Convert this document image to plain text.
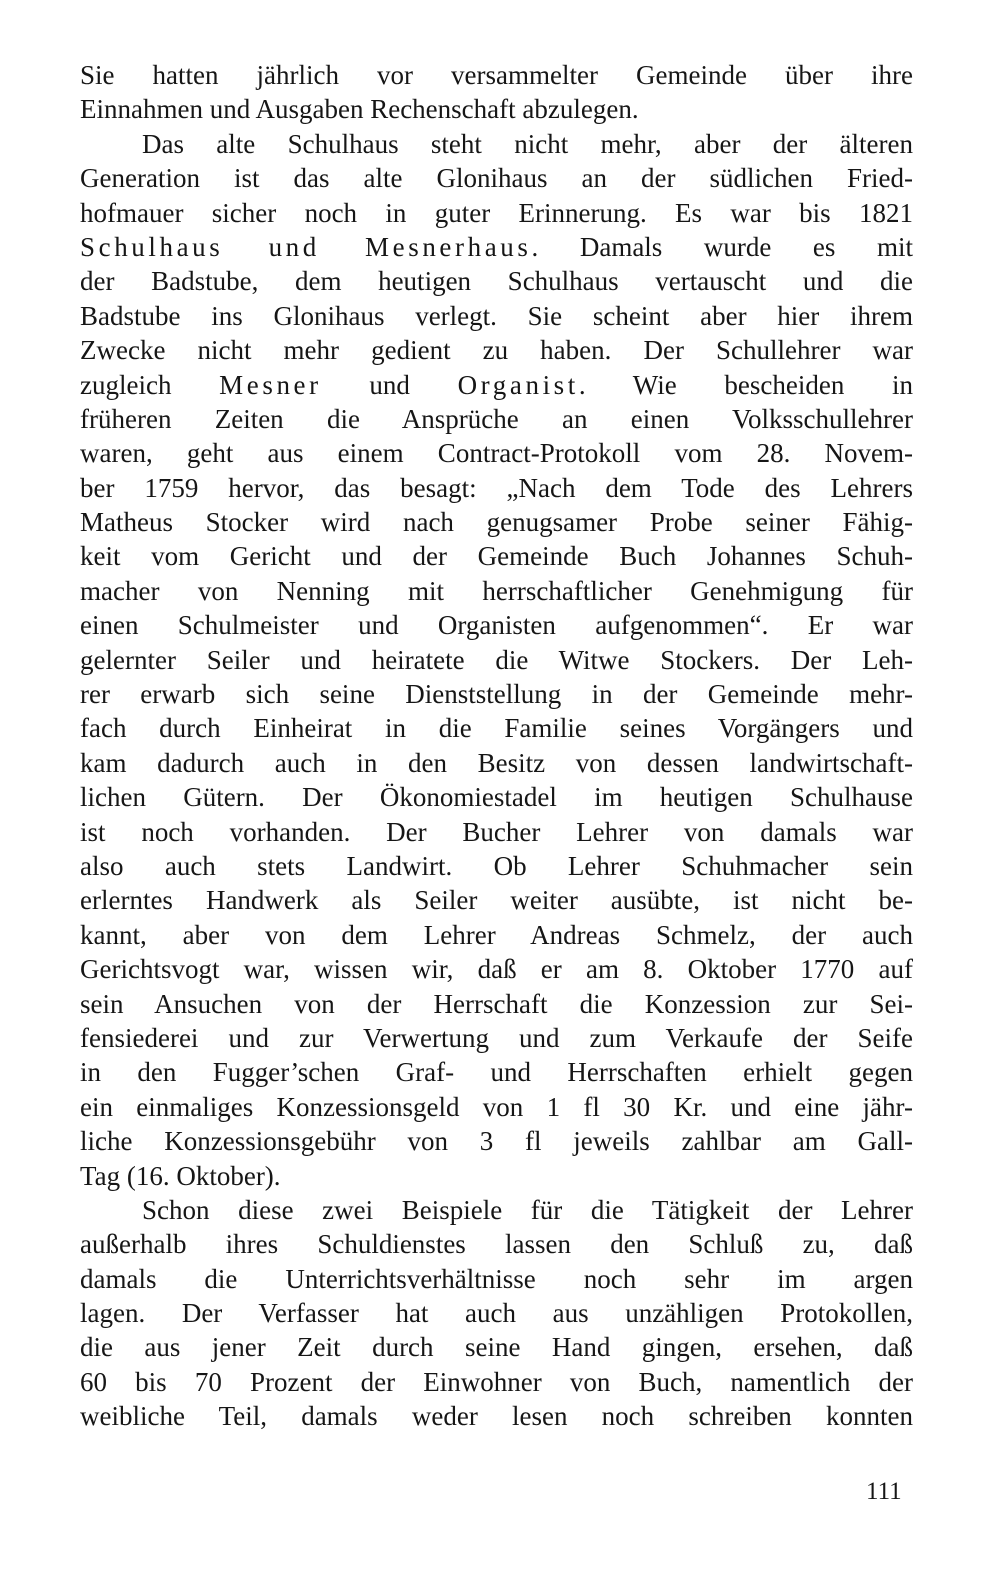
Sie hatten jährlich vor versammelter Gemeinde über ihre
Einnahmen und Ausgaben Rechenschaft abzulegen.
Das alte Schulhaus steht nicht mehr, aber der älteren
Generation ist das alte Glonihaus an der südlichen Fried-
hofmauer sicher noch in guter Erinnerung. Es war bis 1821
Schulhaus und Mesnerhaus. Damals wurde es mit
der Badstube, dem heutigen Schulhaus vertauscht und die
Badstube ins Glonihaus verlegt. Sie scheint aber hier ihrem
Zwecke nicht mehr gedient zu haben. Der Schullehrer war
zugleich Mesner und Organist. Wie bescheiden in
früheren Zeiten die Ansprüche an einen Volksschullehrer
waren, geht aus einem Contract-Protokoll vom 28. Novem-
ber 1759 hervor, das besagt: „Nach dem Tode des Lehrers
Matheus Stocker wird nach genugsamer Probe seiner Fähig-
keit vom Gericht und der Gemeinde Buch Johannes Schuh-
macher von Nenning mit herrschaftlicher Genehmigung für
einen Schulmeister und Organisten aufgenommen“. Er war
gelernter Seiler und heiratete die Witwe Stockers. Der Leh-
rer erwarb sich seine Dienststellung in der Gemeinde mehr-
fach durch Einheirat in die Familie seines Vorgängers und
kam dadurch auch in den Besitz von dessen landwirtschaft-
lichen Gütern. Der Ökonomiestadel im heutigen Schulhause
ist noch vorhanden. Der Bucher Lehrer von damals war
also auch stets Landwirt. Ob Lehrer Schuhmacher sein
erlerntes Handwerk als Seiler weiter ausübte, ist nicht be-
kannt, aber von dem Lehrer Andreas Schmelz, der auch
Gerichtsvogt war, wissen wir, daß er am 8. Oktober 1770 auf
sein Ansuchen von der Herrschaft die Konzession zur Sei-
fensiederei und zur Verwertung und zum Verkaufe der Seife
in den Fugger’schen Graf- und Herrschaften erhielt gegen
ein einmaliges Konzessionsgeld von 1 fl 30 Kr. und eine jähr-
liche Konzessionsgebühr von 3 fl jeweils zahlbar am Gall-
Tag (16. Oktober).
Schon diese zwei Beispiele für die Tätigkeit der Lehrer
außerhalb ihres Schuldienstes lassen den Schluß zu, daß
damals die Unterrichtsverhältnisse noch sehr im argen
lagen. Der Verfasser hat auch aus unzähligen Protokollen,
die aus jener Zeit durch seine Hand gingen, ersehen, daß
60 bis 70 Prozent der Einwohner von Buch, namentlich der
weibliche Teil, damals weder lesen noch schreiben konnten
111
